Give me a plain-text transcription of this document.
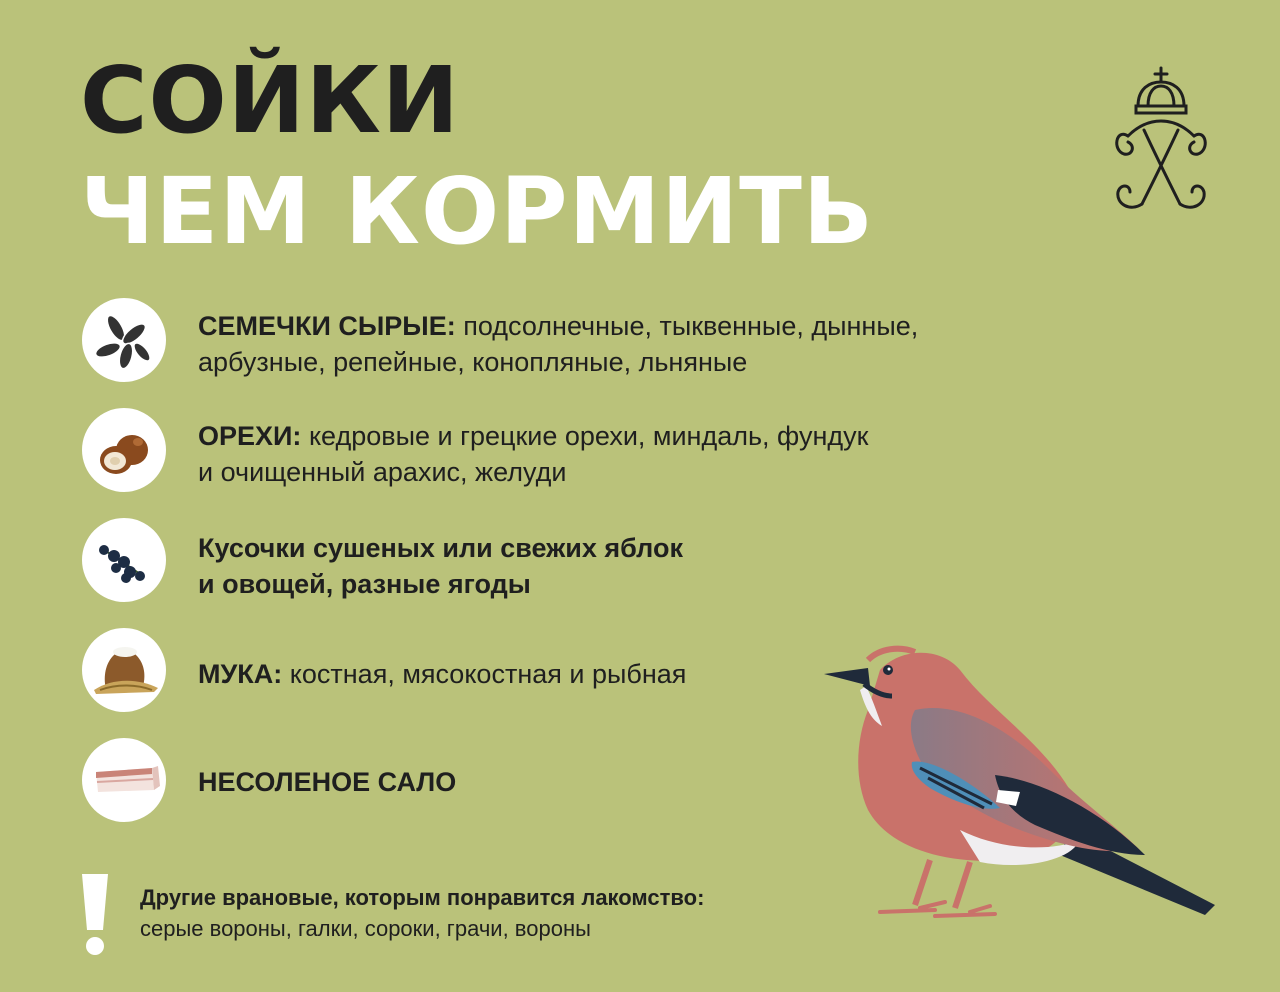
СОЙКИ
ЧЕМ КОРМИТЬ
СЕМЕЧКИ СЫРЫЕ: подсолнечные, тыквенные, дынные,
арбузные, репейные, конопляные, льняные
ОРЕХИ: кедровые и грецкие орехи, миндаль, фундук
и очищенный арахис, желуди
Кусочки сушеных или свежих яблок
и овощей, разные ягоды
МУКА: костная, мясокостная и рыбная
НЕСОЛЕНОЕ САЛО
Другие врановые, которым понравится лакомство:
серые вороны, галки, сороки, грачи, вороны
